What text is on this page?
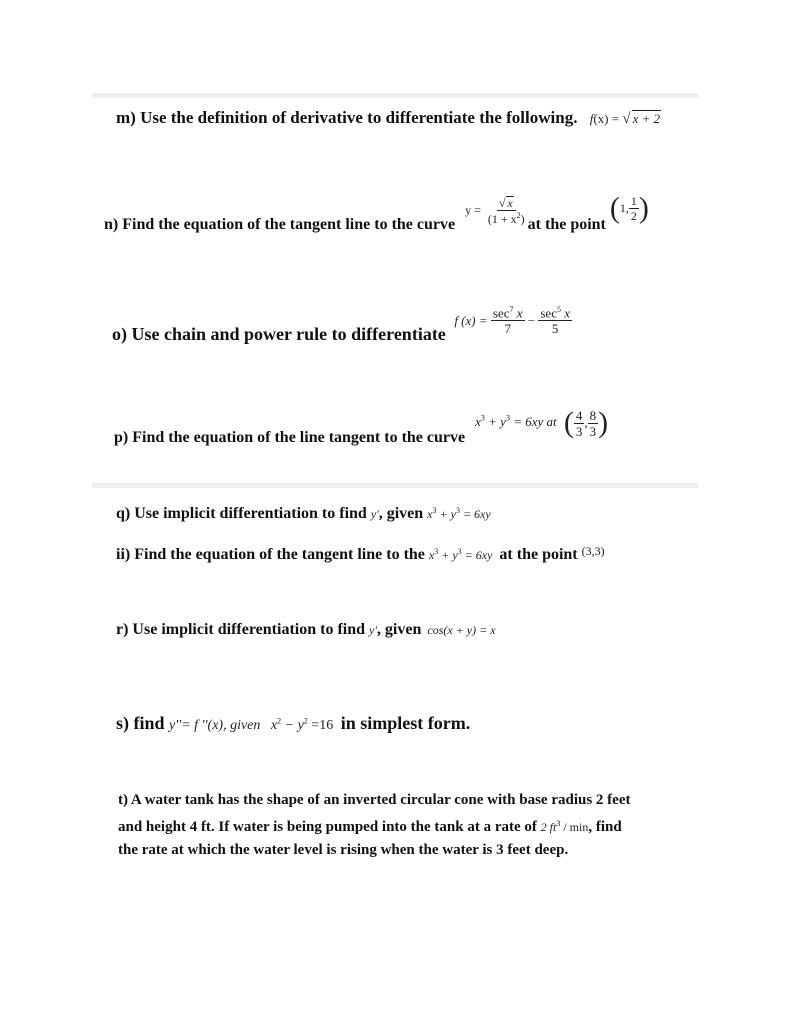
m) Use the definition of derivative to differentiate the following. f(x) = √ x + 2
n) Find the equation of the tangent line to the curve $_{y = \frac{√ x}{(1 + x^2)}}$ at the point $_{(1, \frac{1}{2} )}$
o) Use chain and power rule to differentiate $_{f (x) = \frac{\sec^7 x}{7} - \frac{\sec^5 x}{5}}$
p) Find the equation of the line tangent to the curve $_{x^3 + y^3 = 6xy at ( \frac{4}{3} , \frac{8}{3} )}$
q) Use implicit differentiation to find y', given $x^3 + y^3 = 6xy$
ii) Find the equation of the tangent line to the $x^3 + y^3 = 6xy$ at the point $^{(3,3)}$
r) Use implicit differentiation to find y', given cos(x + y) = x
s) find y''= f ''(x), given $x^2 - y^2 =16$ in simplest form.
t) A water tank has the shape of an inverted circular cone with base radius 2 feet
and height 4 ft. If water is being pumped into the tank at a rate of 2 $ft^3$ / min, find
the rate at which the water level is rising when the water is 3 feet deep.
